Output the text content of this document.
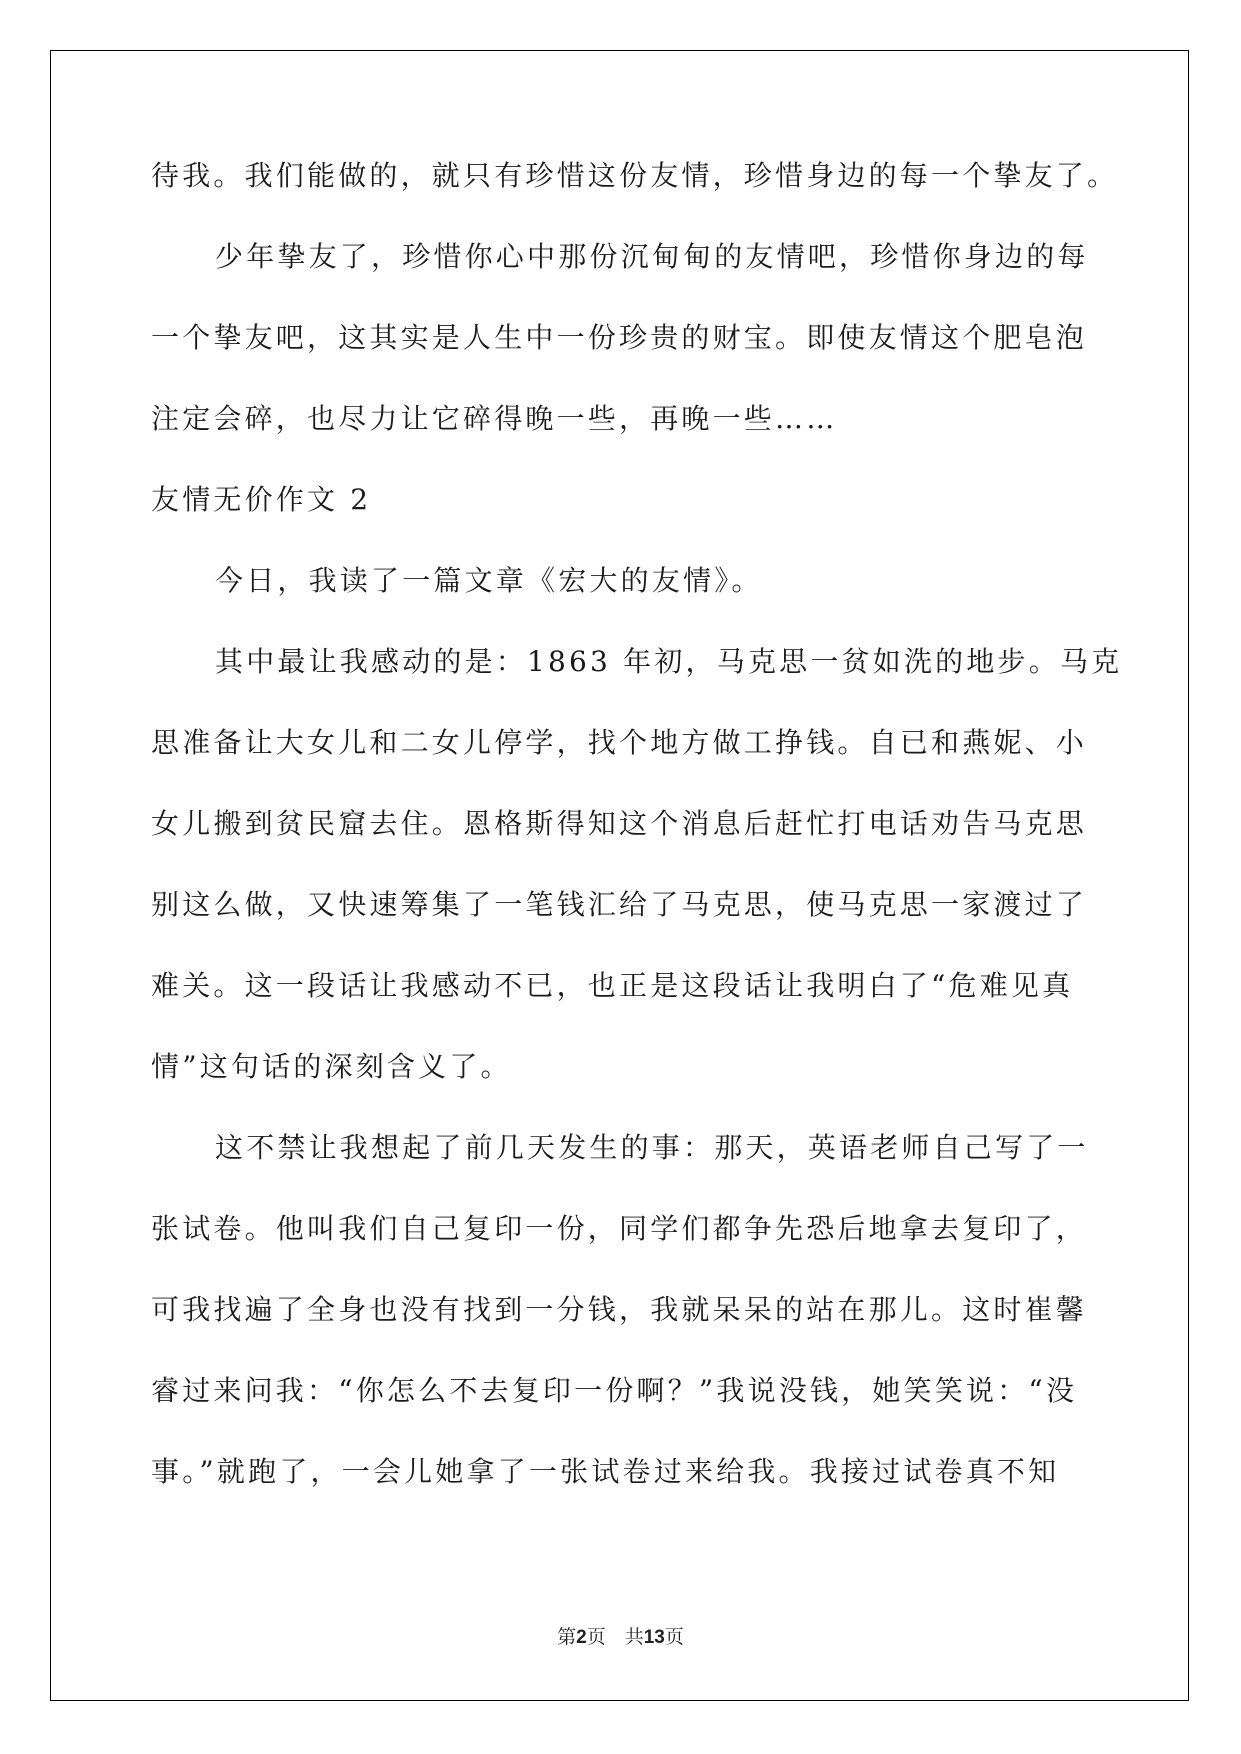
待我。我们能做的，就只有珍惜这份友情，珍惜身边的每一个挚友了。
少年挚友了，珍惜你心中那份沉甸甸的友情吧，珍惜你身边的每
一个挚友吧，这其实是人生中一份珍贵的财宝。即使友情这个肥皂泡
注定会碎，也尽力让它碎得晚一些，再晚一些……
友情无价作文 2
今日，我读了一篇文章《宏大的友情》。
其中最让我感动的是：1863 年初，马克思一贫如洗的地步。马克
思准备让大女儿和二女儿停学，找个地方做工挣钱。自已和燕妮、小
女儿搬到贫民窟去住。恩格斯得知这个消息后赶忙打电话劝告马克思
别这么做，又快速筹集了一笔钱汇给了马克思，使马克思一家渡过了
难关。这一段话让我感动不已，也正是这段话让我明白了“危难见真
情”这句话的深刻含义了。
这不禁让我想起了前几天发生的事：那天，英语老师自己写了一
张试卷。他叫我们自己复印一份，同学们都争先恐后地拿去复印了，
可我找遍了全身也没有找到一分钱，我就呆呆的站在那儿。这时崔馨
睿过来问我：“你怎么不去复印一份啊？”我说没钱，她笑笑说：“没
事。”就跑了，一会儿她拿了一张试卷过来给我。我接过试卷真不知
第2页　共13页
